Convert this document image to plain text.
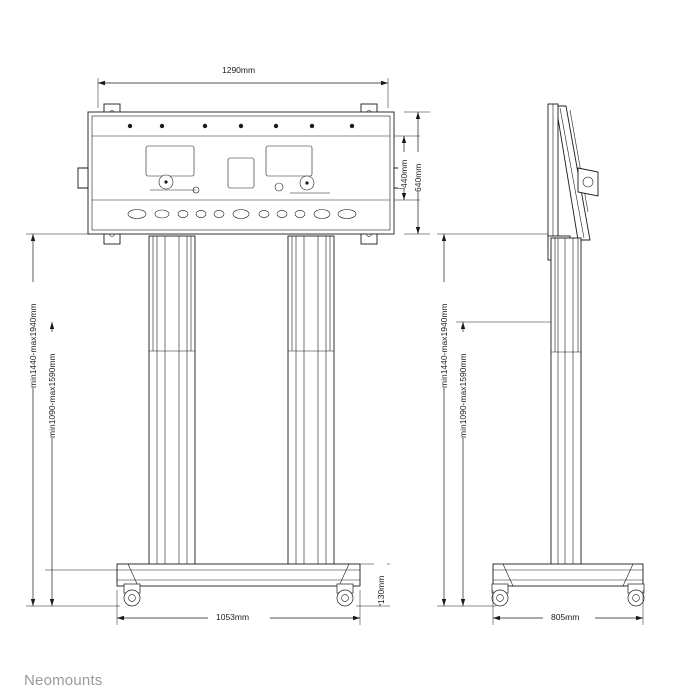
1290mm
440mm 640mm
min1440-max1940mm
min1090-max1590mm
130mm
1053mm
min1440-max1940mm
min1090-max1590mm
805mm
Neomounts
